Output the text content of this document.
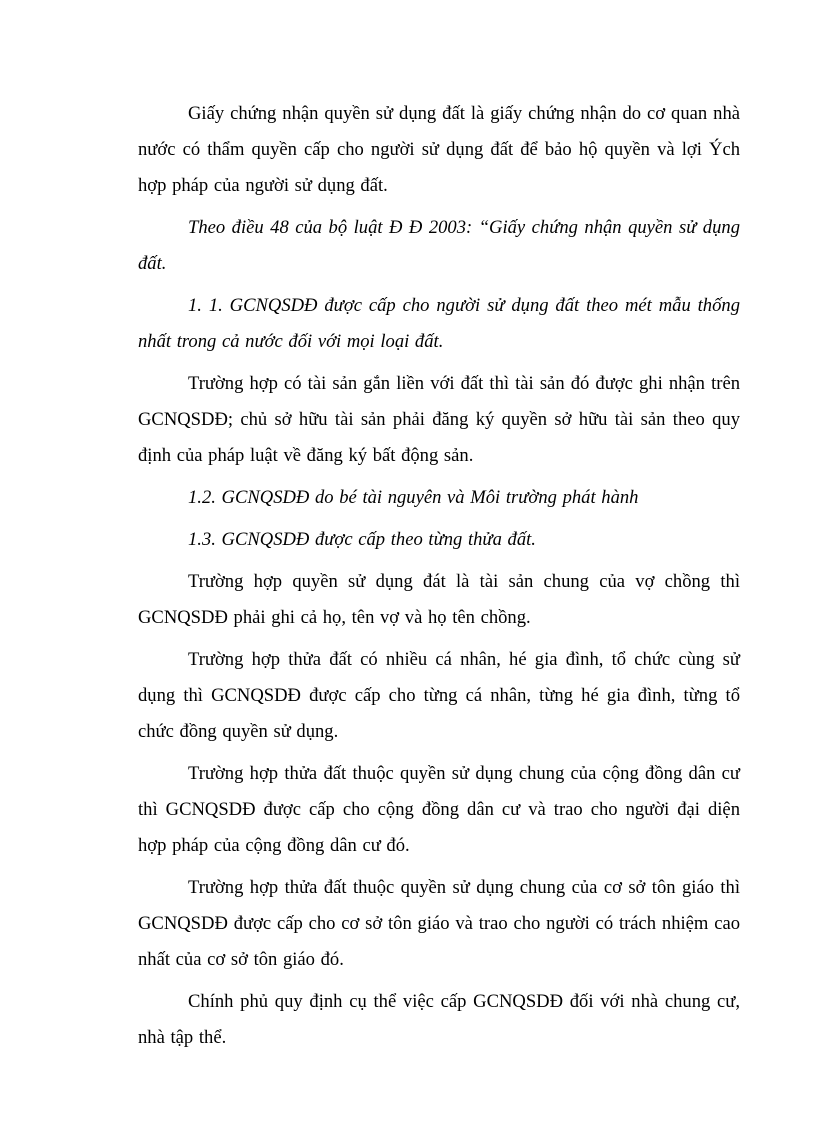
Giấy chứng nhận quyền sử dụng đất là giấy chứng nhận do cơ quan nhà nước có thẩm quyền cấp cho người sử dụng đất để bảo hộ quyền và lợi Ých hợp pháp của người sử dụng đất.

Theo điều 48 của bộ luật Đ Đ 2003: “Giấy chứng nhận quyền sử dụng đất.

1. 1. GCNQSDĐ được cấp cho người sử dụng đất theo mét mẫu thống nhất trong cả nước đối với mọi loại đất.

Trường hợp có tài sản gắn liền với đất thì tài sản đó được ghi nhận trên GCNQSDĐ; chủ sở hữu tài sản phải đăng ký quyền sở hữu tài sản theo quy định của pháp luật về đăng ký bất động sản.

1.2. GCNQSDĐ do bé tài nguyên và Môi trường phát hành

1.3. GCNQSDĐ được cấp theo từng thửa đất.

Trường hợp quyền sử dụng đát là tài sản chung của vợ chồng thì GCNQSDĐ phải ghi cả họ, tên vợ và họ tên chồng.

Trường hợp thửa đất có nhiều cá nhân, hé gia đình, tổ chức cùng sử dụng thì GCNQSDĐ được cấp cho từng cá nhân, từng hé gia đình, từng tổ chức đồng quyền sử dụng.

Trường hợp thửa đất thuộc quyền sử dụng chung của cộng đồng dân cư thì GCNQSDĐ được cấp cho cộng đồng dân cư và trao cho người đại diện hợp pháp của cộng đồng dân cư đó.

Trường hợp thửa đất thuộc quyền sử dụng chung của cơ sở tôn giáo thì GCNQSDĐ được cấp cho cơ sở tôn giáo và trao cho người có trách nhiệm cao nhất của cơ sở tôn giáo đó.

Chính phủ quy định cụ thể việc cấp GCNQSDĐ đối với nhà chung cư, nhà tập thể.
